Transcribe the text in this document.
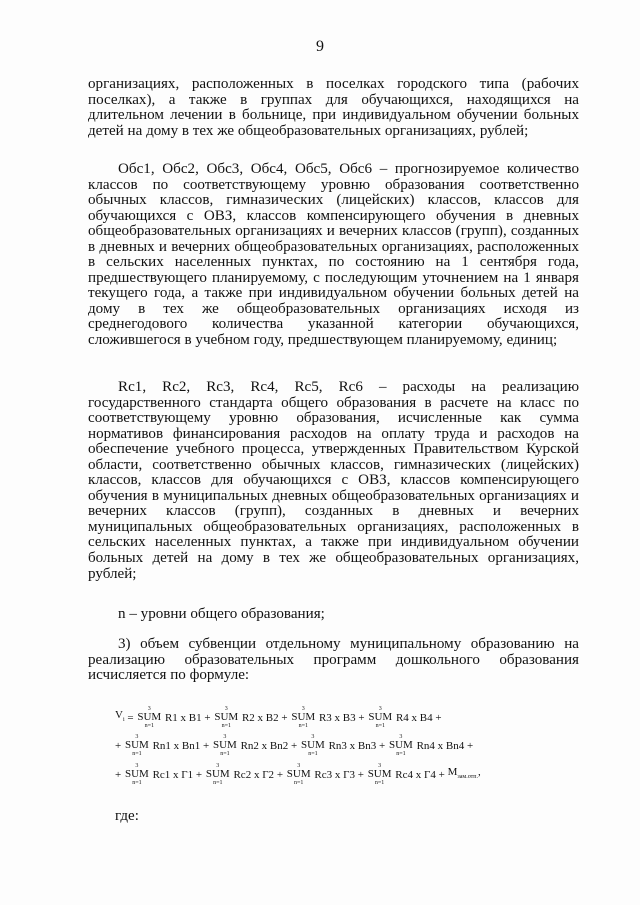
9

организациях, расположенных в поселках городского типа (рабочих поселках), а также в группах для обучающихся, находящихся на длительном лечении в больнице, при индивидуальном обучении больных детей на дому в тех же общеобразовательных организациях, рублей;

Обс1, Обс2, Обс3, Обс4, Обс5, Обс6 – прогнозируемое количество классов по соответствующему уровню образования соответственно обычных классов, гимназических (лицейских) классов, классов для обучающихся с ОВЗ, классов компенсирующего обучения в дневных общеобразовательных организациях и вечерних классов (групп), созданных в дневных и вечерних общеобразовательных организациях, расположенных в сельских населенных пунктах, по состоянию на 1 сентября года, предшествующего планируемому, с последующим уточнением на 1 января текущего года, а также при индивидуальном обучении больных детей на дому в тех же общеобразовательных организациях исходя из среднегодового количества указанной категории обучающихся, сложившегося в учебном году, предшествующем планируемому, единиц;

Rc1, Rc2, Rc3, Rc4, Rc5, Rc6 – расходы на реализацию государственного стандарта общего образования в расчете на класс по соответствующему уровню образования, исчисленные как сумма нормативов финансирования расходов на оплату труда и расходов на обеспечение учебного процесса, утвержденных Правительством Курской области, соответственно обычных классов, гимназических (лицейских) классов, классов для обучающихся с ОВЗ, классов компенсирующего обучения в муниципальных дневных общеобразовательных организациях и вечерних классов (групп), созданных в дневных и вечерних муниципальных общеобразовательных организациях, расположенных в сельских населенных пунктах, а также при индивидуальном обучении больных детей на дому в тех же общеобразовательных организациях, рублей;

n – уровни общего образования;

3) объем субвенции отдельному муниципальному образованию на реализацию образовательных программ дошкольного образования исчисляется по формуле:

$V_i$ =
3
SUM
n=1
R1 x B1 +
3
SUM
n=1
R2 x B2 +
3
SUM
n=1
R3 x B3 +
3
SUM
n=1
R4 x B4 +
+
3
SUM
n=1
Rn1 x Bn1 +
3
SUM
n=1
Rn2 x Bn2 +
3
SUM
n=1
Rn3 x Bn3 +
3
SUM
n=1
Rn4 x Bn4 +
+
3
SUM
n=1
Rc1 x Г1 +
3
SUM
n=1
Rc2 x Г2 +
3
SUM
n=1
Rc3 x Г3 +
3
SUM
n=1
Rc4 x $Г4 + M_{зам.отп.}$,
где:
